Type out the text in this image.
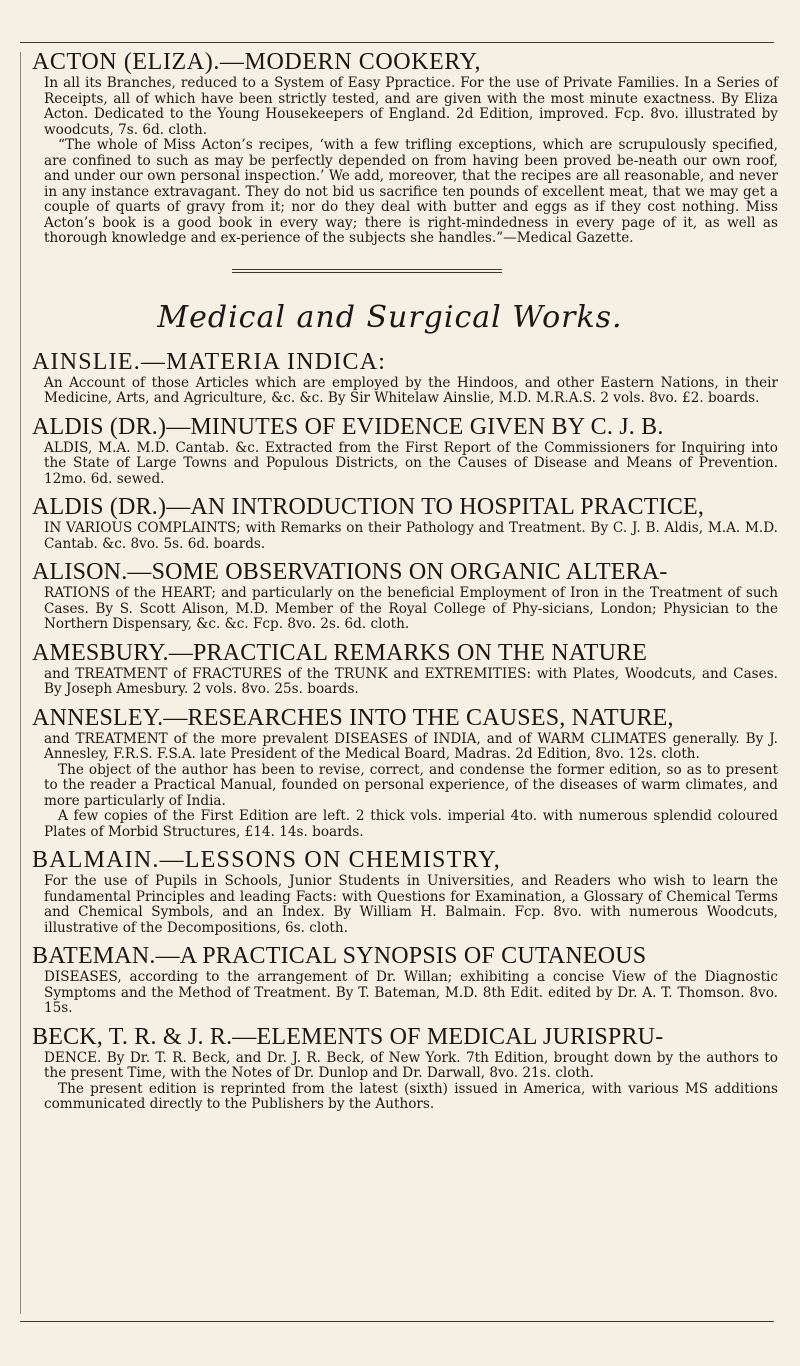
ACTON (ELIZA).—MODERN COOKERY,
In all its Branches, reduced to a System of Easy Ppractice. For the use of Private Families. In a Series of Receipts, all of which have been strictly tested, and are given with the most minute exactness. By Eliza Acton. Dedicated to the Young Housekeepers of England. 2d Edition, improved. Fcp. 8vo. illustrated by woodcuts, 7s. 6d. cloth.
“The whole of Miss Acton’s recipes, ‘with a few trifling exceptions, which are scrupulously specified, are confined to such as may be perfectly depended on from having been proved be-neath our own roof, and under our own personal inspection.’ We add, moreover, that the recipes are all reasonable, and never in any instance extravagant. They do not bid us sacrifice ten pounds of excellent meat, that we may get a couple of quarts of gravy from it; nor do they deal with butter and eggs as if they cost nothing. Miss Acton’s book is a good book in every way; there is right-mindedness in every page of it, as well as thorough knowledge and ex-perience of the subjects she handles.”—Medical Gazette.
Medical and Surgical Works.
AINSLIE.—MATERIA INDICA:
An Account of those Articles which are employed by the Hindoos, and other Eastern Nations, in their Medicine, Arts, and Agriculture, &c. &c. By Sir Whitelaw Ainslie, M.D. M.R.A.S. 2 vols. 8vo. £2. boards.
ALDIS (DR.)—MINUTES OF EVIDENCE GIVEN BY C. J. B.
ALDIS, M.A. M.D. Cantab. &c. Extracted from the First Report of the Commissioners for Inquiring into the State of Large Towns and Populous Districts, on the Causes of Disease and Means of Prevention. 12mo. 6d. sewed.
ALDIS (DR.)—AN INTRODUCTION TO HOSPITAL PRACTICE,
IN VARIOUS COMPLAINTS; with Remarks on their Pathology and Treatment. By C. J. B. Aldis, M.A. M.D. Cantab. &c. 8vo. 5s. 6d. boards.
ALISON.—SOME OBSERVATIONS ON ORGANIC ALTERA-
RATIONS of the HEART; and particularly on the beneficial Employment of Iron in the Treatment of such Cases. By S. Scott Alison, M.D. Member of the Royal College of Phy-sicians, London; Physician to the Northern Dispensary, &c. &c. Fcp. 8vo. 2s. 6d. cloth.
AMESBURY.—PRACTICAL REMARKS ON THE NATURE
and TREATMENT of FRACTURES of the TRUNK and EXTREMITIES: with Plates, Woodcuts, and Cases. By Joseph Amesbury. 2 vols. 8vo. 25s. boards.
ANNESLEY.—RESEARCHES INTO THE CAUSES, NATURE,
and TREATMENT of the more prevalent DISEASES of INDIA, and of WARM CLIMATES generally. By J. Annesley, F.R.S. F.S.A. late President of the Medical Board, Madras. 2d Edition, 8vo. 12s. cloth.
The object of the author has been to revise, correct, and condense the former edition, so as to present to the reader a Practical Manual, founded on personal experience, of the diseases of warm climates, and more particularly of India.
A few copies of the First Edition are left. 2 thick vols. imperial 4to. with numerous splendid coloured Plates of Morbid Structures, £14. 14s. boards.
BALMAIN.—LESSONS ON CHEMISTRY,
For the use of Pupils in Schools, Junior Students in Universities, and Readers who wish to learn the fundamental Principles and leading Facts: with Questions for Examination, a Glossary of Chemical Terms and Chemical Symbols, and an Index. By William H. Balmain. Fcp. 8vo. with numerous Woodcuts, illustrative of the Decompositions, 6s. cloth.
BATEMAN.—A PRACTICAL SYNOPSIS OF CUTANEOUS
DISEASES, according to the arrangement of Dr. Willan; exhibiting a concise View of the Diagnostic Symptoms and the Method of Treatment. By T. Bateman, M.D. 8th Edit. edited by Dr. A. T. Thomson. 8vo. 15s.
BECK, T. R. & J. R.—ELEMENTS OF MEDICAL JURISPRU-
DENCE. By Dr. T. R. Beck, and Dr. J. R. Beck, of New York. 7th Edition, brought down by the authors to the present Time, with the Notes of Dr. Dunlop and Dr. Darwall, 8vo. 21s. cloth.
The present edition is reprinted from the latest (sixth) issued in America, with various MS additions communicated directly to the Publishers by the Authors.
